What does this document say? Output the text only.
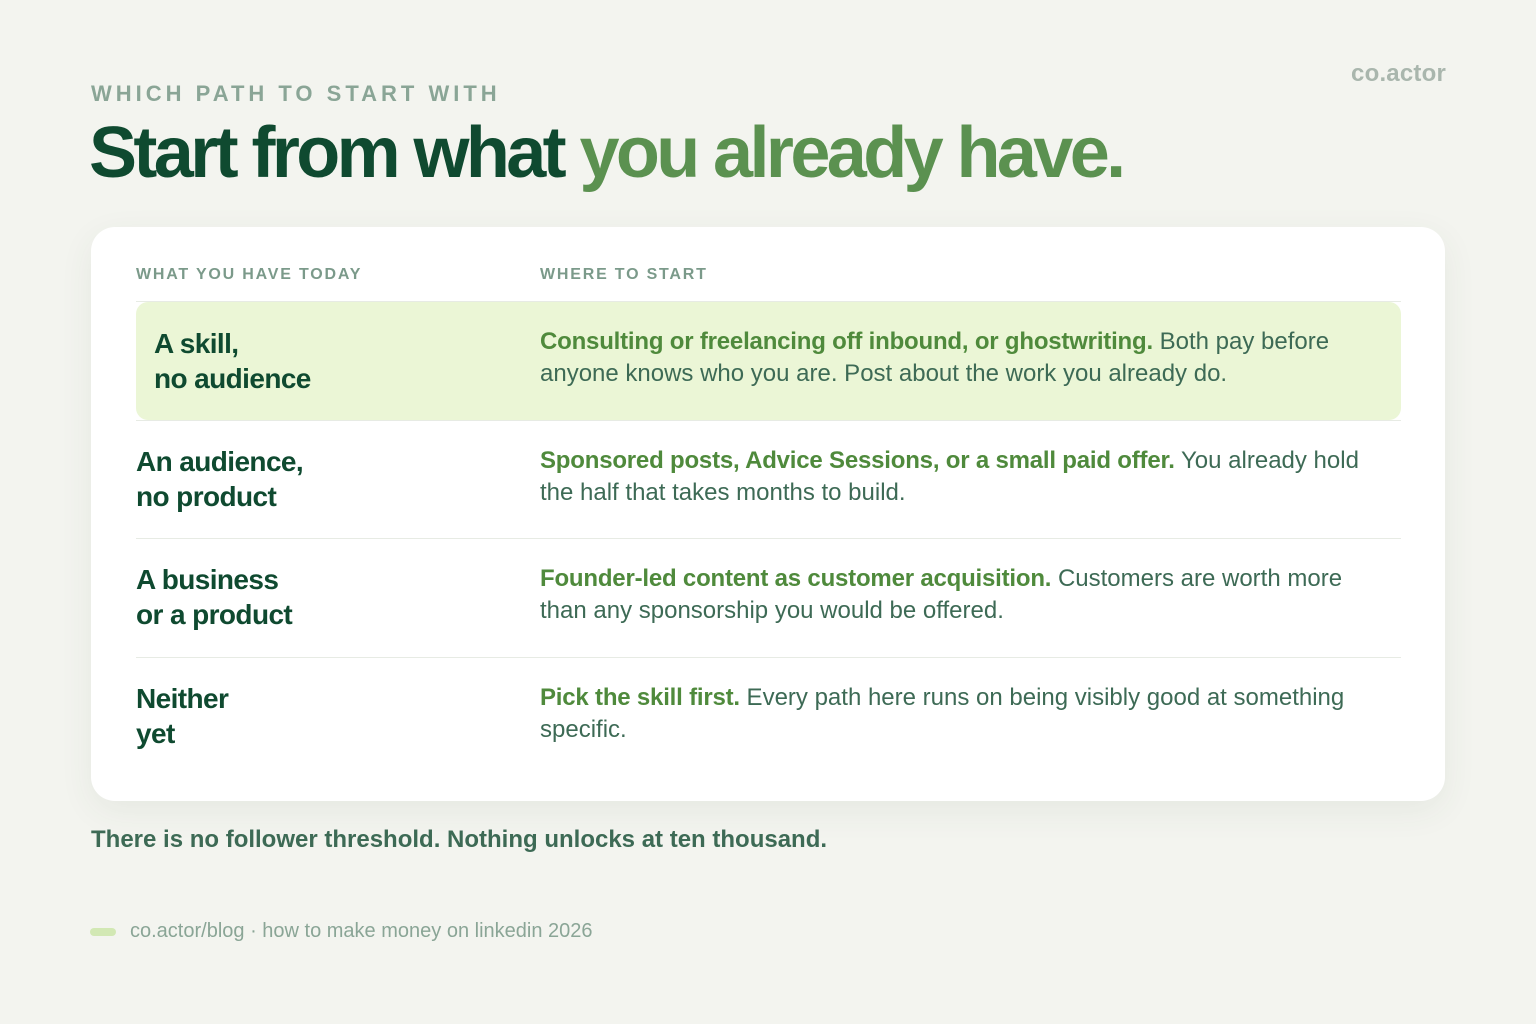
co.actor
WHICH PATH TO START WITH
Start from what you already have.
WHAT YOU HAVE TODAY	WHERE TO START
A skill,
no audience
Consulting or freelancing off inbound, or ghostwriting. Both pay before anyone knows who you are. Post about the work you already do.
An audience,
no product
Sponsored posts, Advice Sessions, or a small paid offer. You already hold the half that takes months to build.
A business
or a product
Founder-led content as customer acquisition. Customers are worth more than any sponsorship you would be offered.
Neither
yet
Pick the skill first. Every path here runs on being visibly good at something specific.
There is no follower threshold. Nothing unlocks at ten thousand.
co.actor/blog · how to make money on linkedin 2026
